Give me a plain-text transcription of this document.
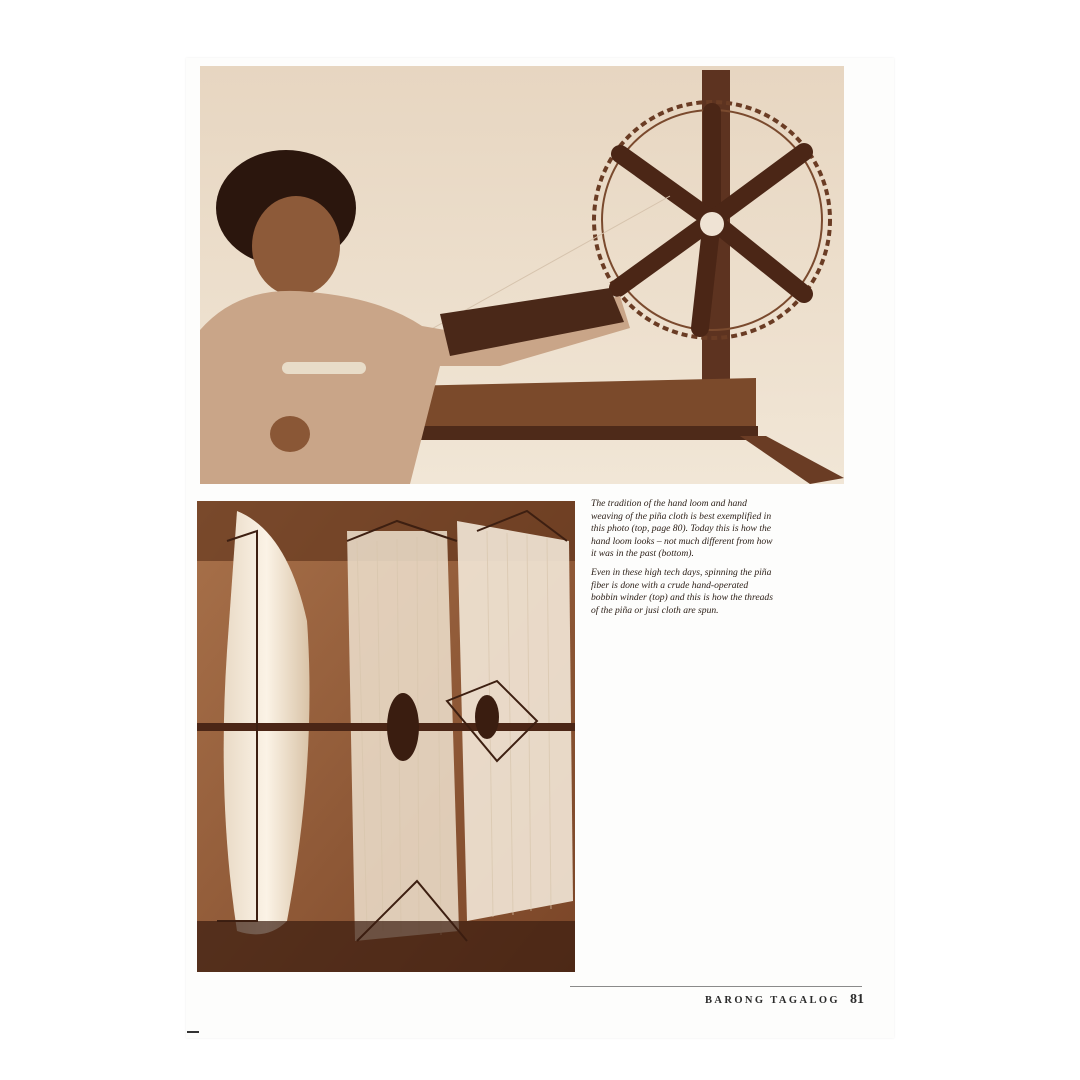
The tradition of the hand loom and hand weaving of the piña cloth is best exemplified in this photo (top, page 80). Today this is how the hand loom looks – not much different from how it was in the past (bottom).

Even in these high tech days, spinning the piña fiber is done with a crude hand-operated bobbin winder (top) and this is how the threads of the piña or jusi cloth are spun.

BARONG TAGALOG 81
